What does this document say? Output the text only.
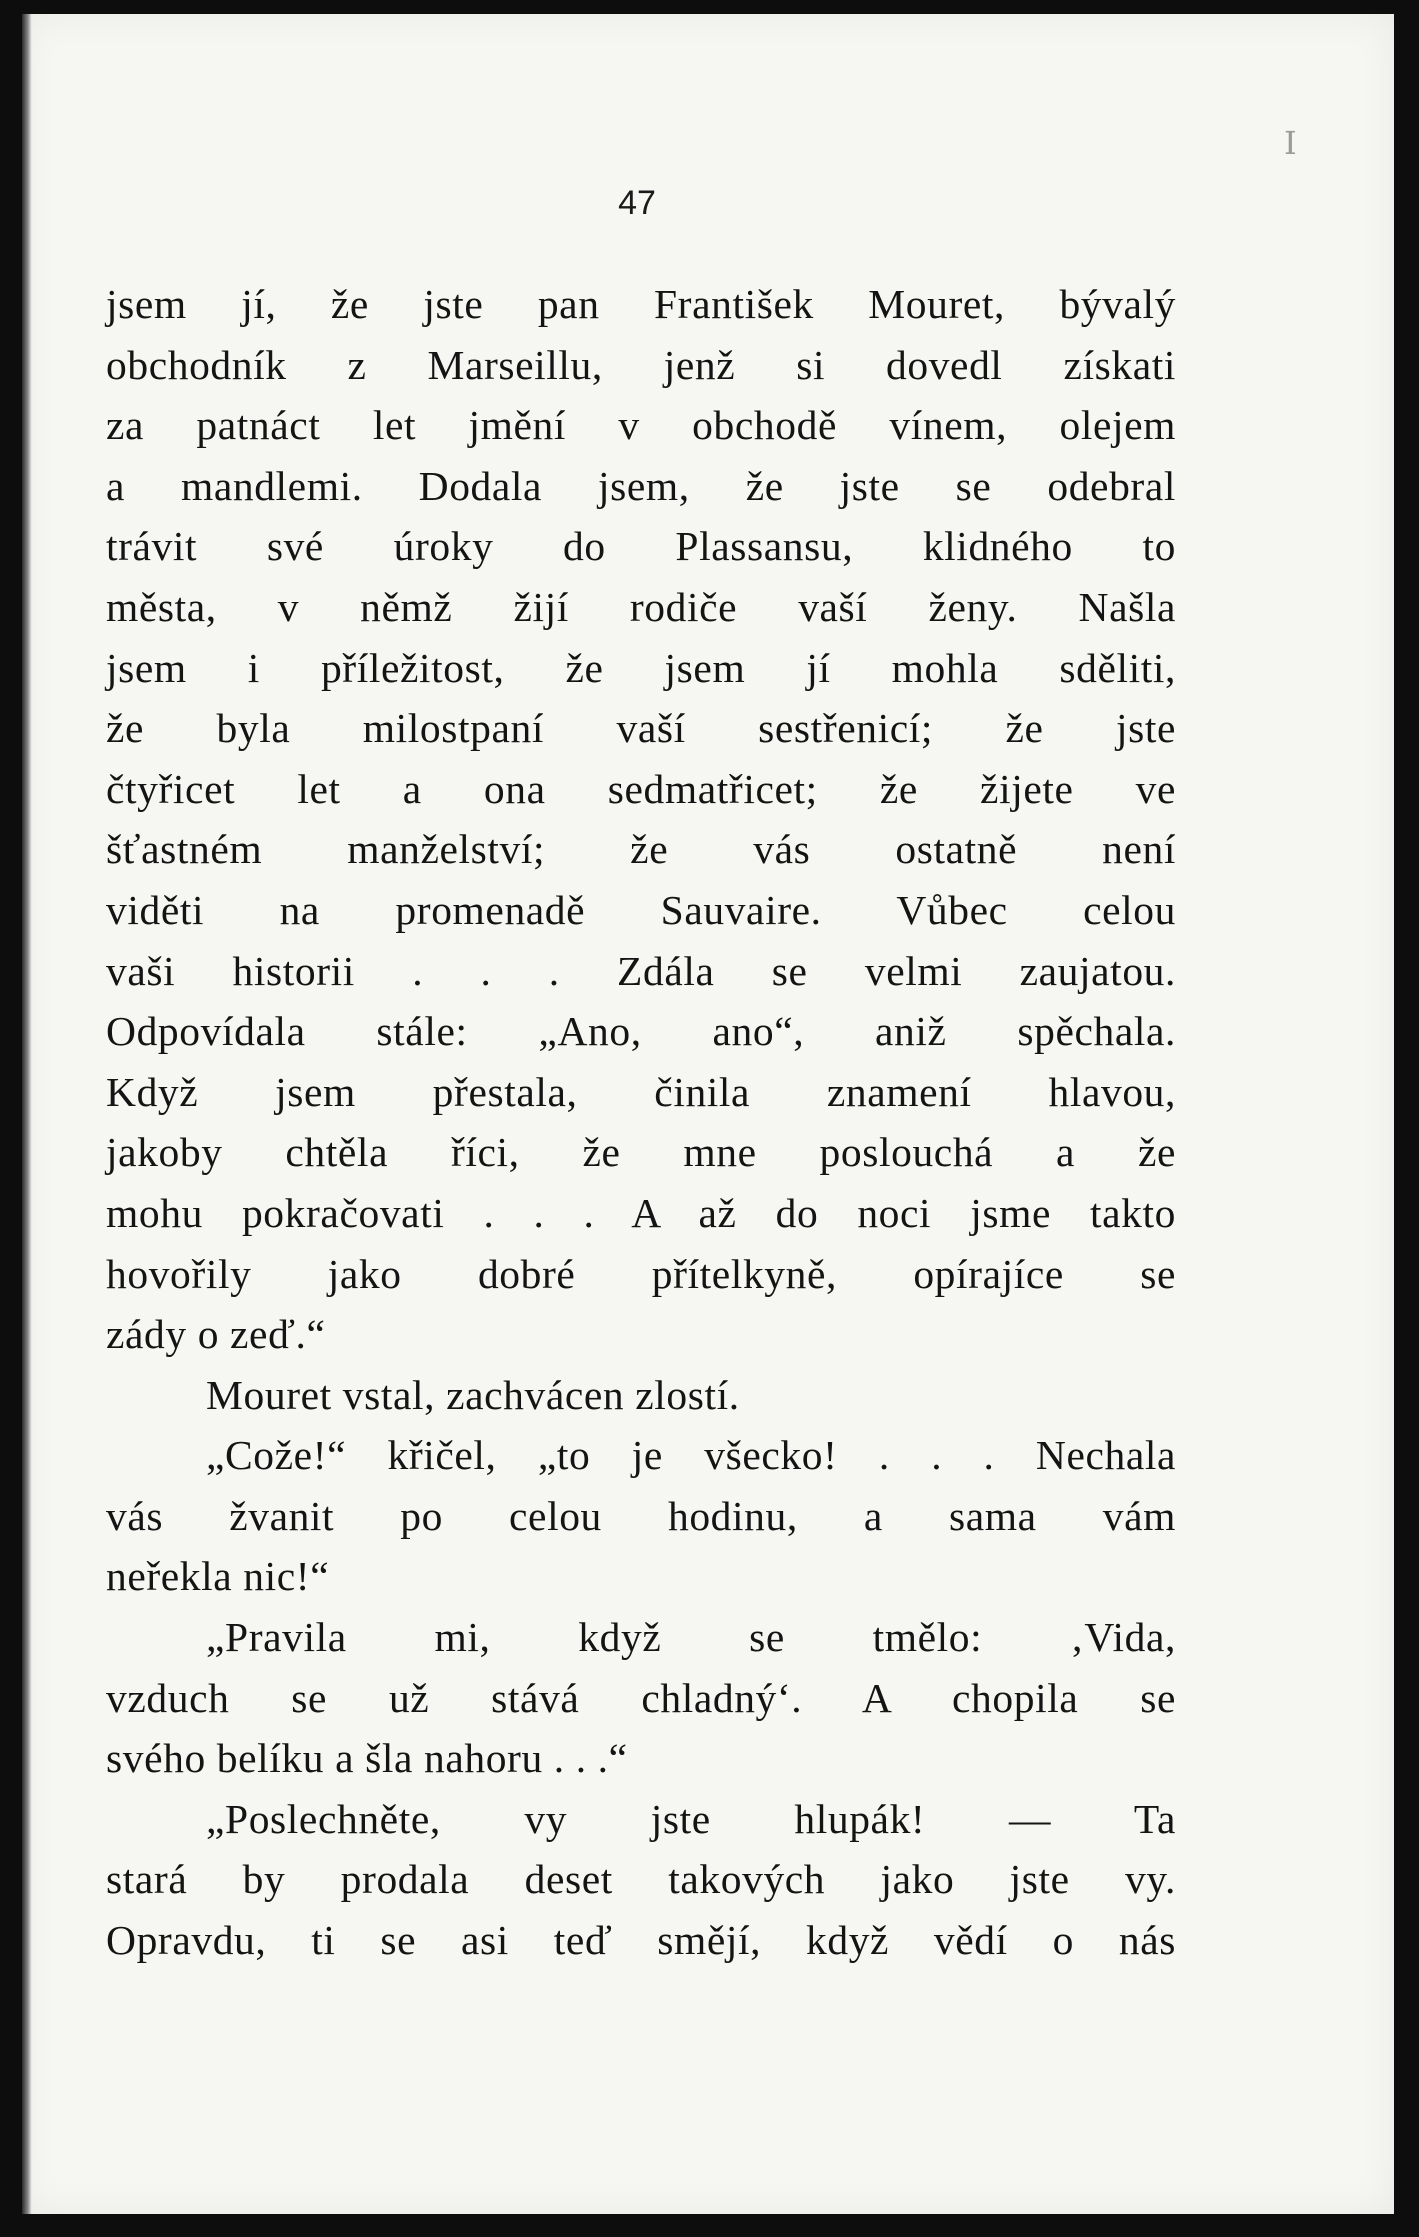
I
47
jsem jí, že jste pan František Mouret, bývalý
obchodník z Marseillu, jenž si dovedl získati
za patnáct let jmění v obchodě vínem, olejem
a mandlemi. Dodala jsem, že jste se odebral
trávit své úroky do Plassansu, klidného to
města, v němž žijí rodiče vaší ženy. Našla
jsem i příležitost, že jsem jí mohla sděliti,
že byla milostpaní vaší sestřenicí; že jste
čtyřicet let a ona sedmatřicet; že žijete ve
šťastném manželství; že vás ostatně není
viděti na promenadě Sauvaire. Vůbec celou
vaši historii . . . Zdála se velmi zaujatou.
Odpovídala stále: „Ano, ano“, aniž spěchala.
Když jsem přestala, činila znamení hlavou,
jakoby chtěla říci, že mne poslouchá a že
mohu pokračovati . . . A až do noci jsme takto
hovořily jako dobré přítelkyně, opírajíce se
zády o zeď.“
Mouret vstal, zachvácen zlostí.
„Cože!“ křičel, „to je všecko! . . . Nechala
vás žvanit po celou hodinu, a sama vám
neřekla nic!“
„Pravila mi, když se tmělo: ‚Vida,
vzduch se už stává chladný‘. A chopila se
svého belíku a šla nahoru . . .“
„Poslechněte, vy jste hlupák! — Ta
stará by prodala deset takových jako jste vy.
Opravdu, ti se asi teď smějí, když vědí o nás
